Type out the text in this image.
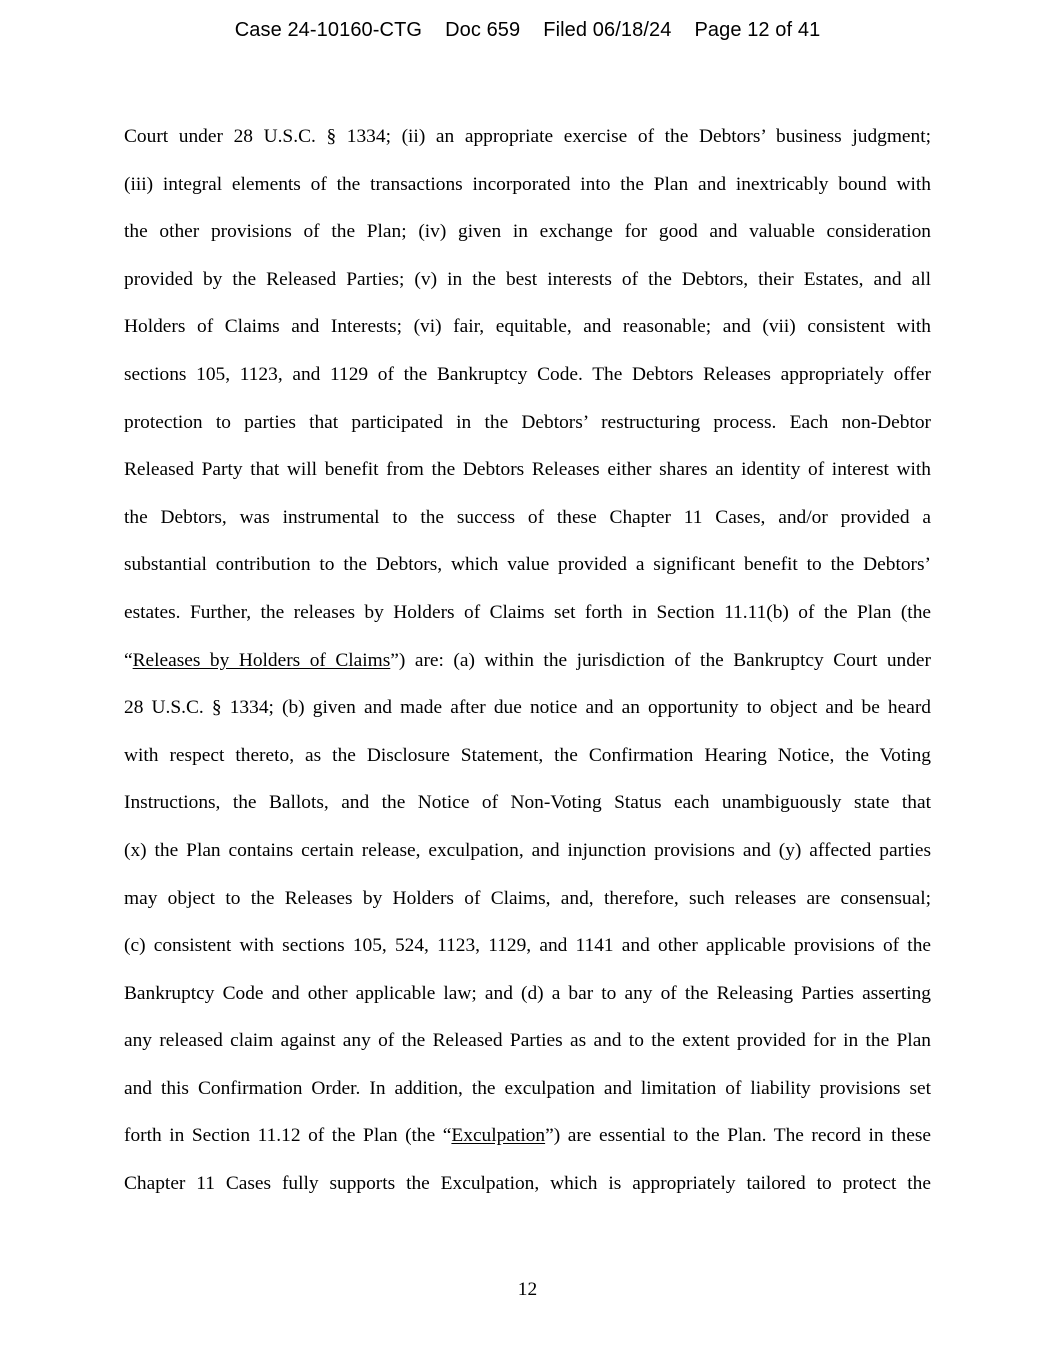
Case 24-10160-CTG Doc 659 Filed 06/18/24 Page 12 of 41
Court under 28 U.S.C. § 1334; (ii) an appropriate exercise of the Debtors’ business judgment;
(iii) integral elements of the transactions incorporated into the Plan and inextricably bound with
the other provisions of the Plan; (iv) given in exchange for good and valuable consideration
provided by the Released Parties; (v) in the best interests of the Debtors, their Estates, and all
Holders of Claims and Interests; (vi) fair, equitable, and reasonable; and (vii) consistent with
sections 105, 1123, and 1129 of the Bankruptcy Code. The Debtors Releases appropriately offer
protection to parties that participated in the Debtors’ restructuring process. Each non-Debtor
Released Party that will benefit from the Debtors Releases either shares an identity of interest with
the Debtors, was instrumental to the success of these Chapter 11 Cases, and/or provided a
substantial contribution to the Debtors, which value provided a significant benefit to the Debtors’
estates. Further, the releases by Holders of Claims set forth in Section 11.11(b) of the Plan (the
“Releases by Holders of Claims”) are: (a) within the jurisdiction of the Bankruptcy Court under
28 U.S.C. § 1334; (b) given and made after due notice and an opportunity to object and be heard
with respect thereto, as the Disclosure Statement, the Confirmation Hearing Notice, the Voting
Instructions, the Ballots, and the Notice of Non-Voting Status each unambiguously state that
(x) the Plan contains certain release, exculpation, and injunction provisions and (y) affected parties
may object to the Releases by Holders of Claims, and, therefore, such releases are consensual;
(c) consistent with sections 105, 524, 1123, 1129, and 1141 and other applicable provisions of the
Bankruptcy Code and other applicable law; and (d) a bar to any of the Releasing Parties asserting
any released claim against any of the Released Parties as and to the extent provided for in the Plan
and this Confirmation Order. In addition, the exculpation and limitation of liability provisions set
forth in Section 11.12 of the Plan (the “Exculpation”) are essential to the Plan. The record in these
Chapter 11 Cases fully supports the Exculpation, which is appropriately tailored to protect the
12
